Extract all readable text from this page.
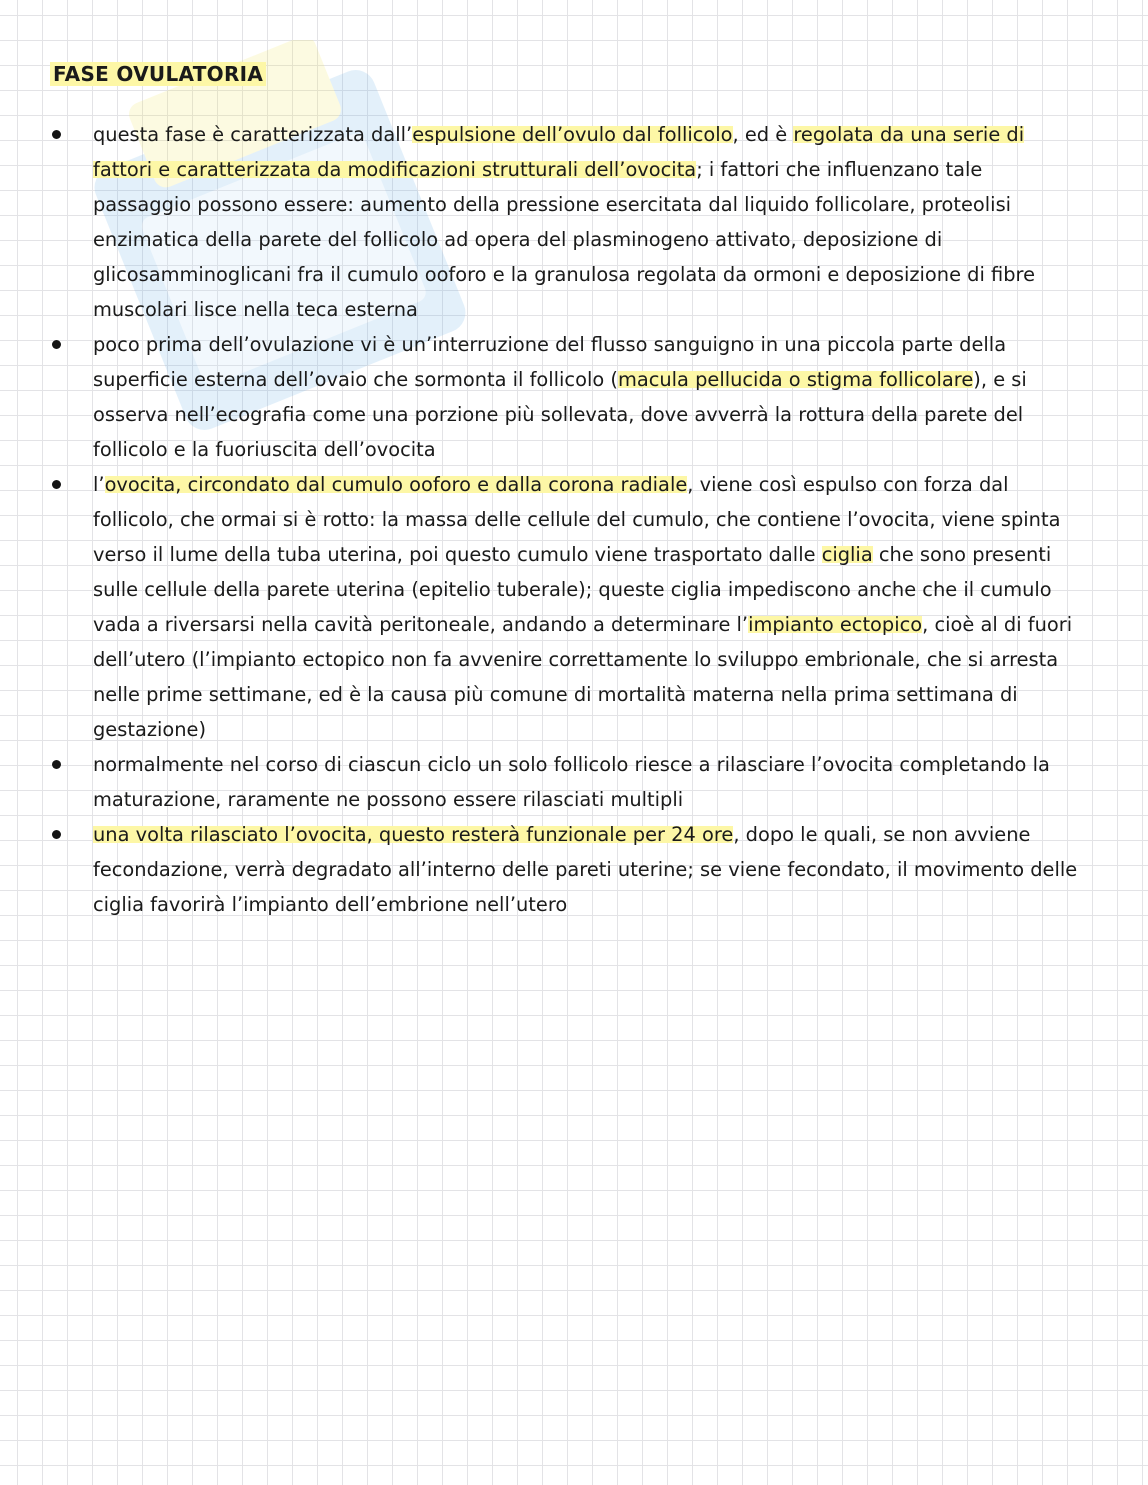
FASE OVULATORIA
questa fase è caratterizzata dall’espulsione dell’ovulo dal follicolo, ed è regolata da una serie di fattori e caratterizzata da modificazioni strutturali dell’ovocita; i fattori che influenzano tale passaggio possono essere: aumento della pressione esercitata dal liquido follicolare, proteolisi enzimatica della parete del follicolo ad opera del plasminogeno attivato, deposizione di glicosamminoglicani fra il cumulo ooforo e la granulosa regolata da ormoni e deposizione di fibre muscolari lisce nella teca esterna
poco prima dell’ovulazione vi è un’interruzione del flusso sanguigno in una piccola parte della superficie esterna dell’ovaio che sormonta il follicolo (macula pellucida o stigma follicolare), e si osserva nell’ecografia come una porzione più sollevata, dove avverrà la rottura della parete del follicolo e la fuoriuscita dell’ovocita
l’ovocita, circondato dal cumulo ooforo e dalla corona radiale, viene così espulso con forza dal follicolo, che ormai si è rotto: la massa delle cellule del cumulo, che contiene l’ovocita, viene spinta verso il lume della tuba uterina, poi questo cumulo viene trasportato dalle ciglia che sono presenti sulle cellule della parete uterina (epitelio tuberale); queste ciglia impediscono anche che il cumulo vada a riversarsi nella cavità peritoneale, andando a determinare l’impianto ectopico, cioè al di fuori dell’utero (l’impianto ectopico non fa avvenire correttamente lo sviluppo embrionale, che si arresta nelle prime settimane, ed è la causa più comune di mortalità materna nella prima settimana di gestazione)
normalmente nel corso di ciascun ciclo un solo follicolo riesce a rilasciare l’ovocita completando la maturazione, raramente ne possono essere rilasciati multipli
una volta rilasciato l’ovocita, questo resterà funzionale per 24 ore, dopo le quali, se non avviene fecondazione, verrà degradato all’interno delle pareti uterine; se viene fecondato, il movimento delle ciglia favorirà l’impianto dell’embrione nell’utero
